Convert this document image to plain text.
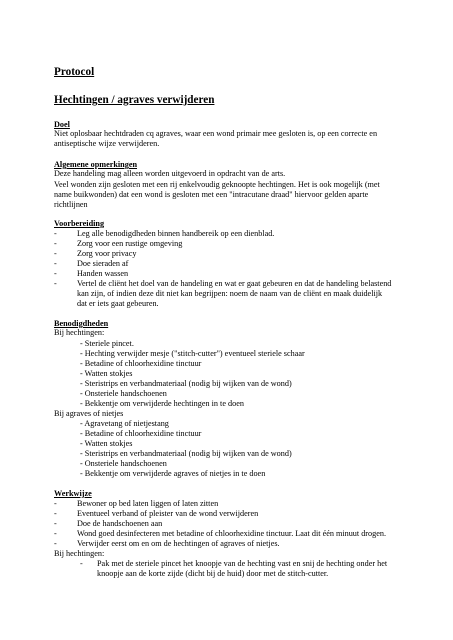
Protocol
Hechtingen / agraves verwijderen
Doel
Niet oplosbaar hechtdraden cq agraves, waar een wond primair mee gesloten is, op een correcte en
antiseptische wijze verwijderen.
Algemene opmerkingen
Deze handeling mag alleen worden uitgevoerd in opdracht van de arts.
Veel wonden zijn gesloten met een rij enkelvoudig geknoopte hechtingen. Het is ook mogelijk (met
name buikwonden) dat een wond is gesloten met een "intracutane draad" hiervoor gelden aparte
richtlijnen
Voorbereiding
- Leg alle benodigdheden binnen handbereik op een dienblad.
- Zorg voor een rustige omgeving
- Zorg voor privacy
- Doe sieraden af
- Handen wassen
- Vertel de cliënt het doel van de handeling en wat er gaat gebeuren en dat de handeling belastend
kan zijn, of indien deze dit niet kan begrijpen: noem de naam van de cliënt en maak duidelijk
dat er iets gaat gebeuren.
Benodigdheden
Bij hechtingen:
- Steriele pincet.
- Hechting verwijder mesje ("stitch-cutter") eventueel steriele schaar
- Betadine of chloorhexidine tinctuur
- Watten stokjes
- Steristrips en verbandmateriaal (nodig bij wijken van de wond)
- Onsteriele handschoenen
- Bekkentje om verwijderde hechtingen in te doen
Bij agraves of nietjes
- Agravetang of nietjestang
- Betadine of chloorhexidine tinctuur
- Watten stokjes
- Steristrips en verbandmateriaal (nodig bij wijken van de wond)
- Onsteriele handschoenen
- Bekkentje om verwijderde agraves of nietjes in te doen
Werkwijze
- Bewoner op bed laten liggen of laten zitten
- Eventueel verband of pleister van de wond verwijderen
- Doe de handschoenen aan
- Wond goed desinfecteren met betadine of chloorhexidine tinctuur. Laat dit één minuut drogen.
- Verwijder eerst om en om de hechtingen of agraves of nietjes.
Bij hechtingen:
- Pak met de steriele pincet het knoopje van de hechting vast en snij de hechting onder het
knoopje aan de korte zijde (dicht bij de huid) door met de stitch-cutter.
